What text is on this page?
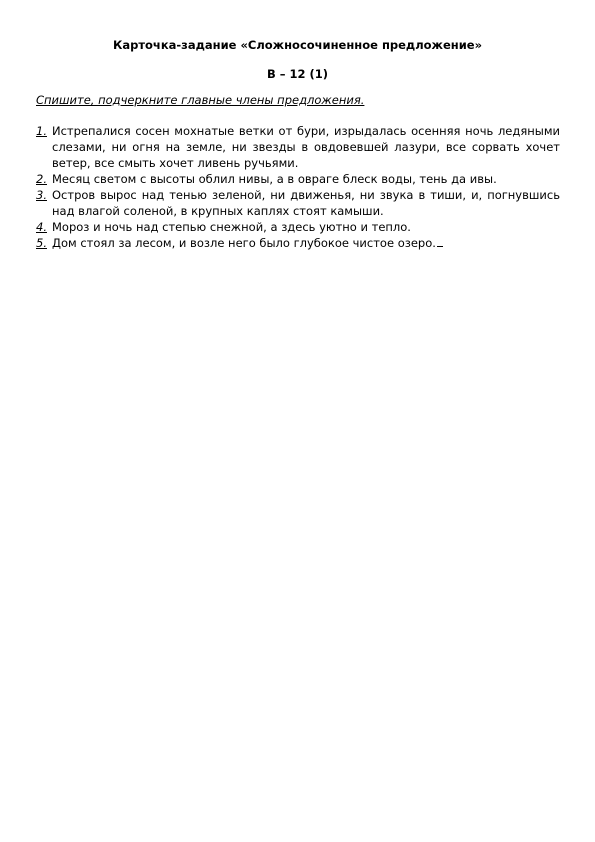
Карточка-задание «Сложносочиненное предложение»
В – 12 (1)
Спишите, подчеркните главные члены предложения.
1. Истрепалися сосен мохнатые ветки от бури, изрыдалась осенняя ночь ледяными слезами, ни огня на земле, ни звезды в овдовевшей лазури, все сорвать хочет ветер, все смыть хочет ливень ручьями.
2. Месяц светом с высоты облил нивы, а в овраге блеск воды, тень да ивы.
3. Остров вырос над тенью зеленой, ни движенья, ни звука в тиши, и, погнувшись над влагой соленой, в крупных каплях стоят камыши.
4. Мороз и ночь над степью снежной, а здесь уютно и тепло.
5. Дом стоял за лесом, и возле него было глубокое чистое озеро.
